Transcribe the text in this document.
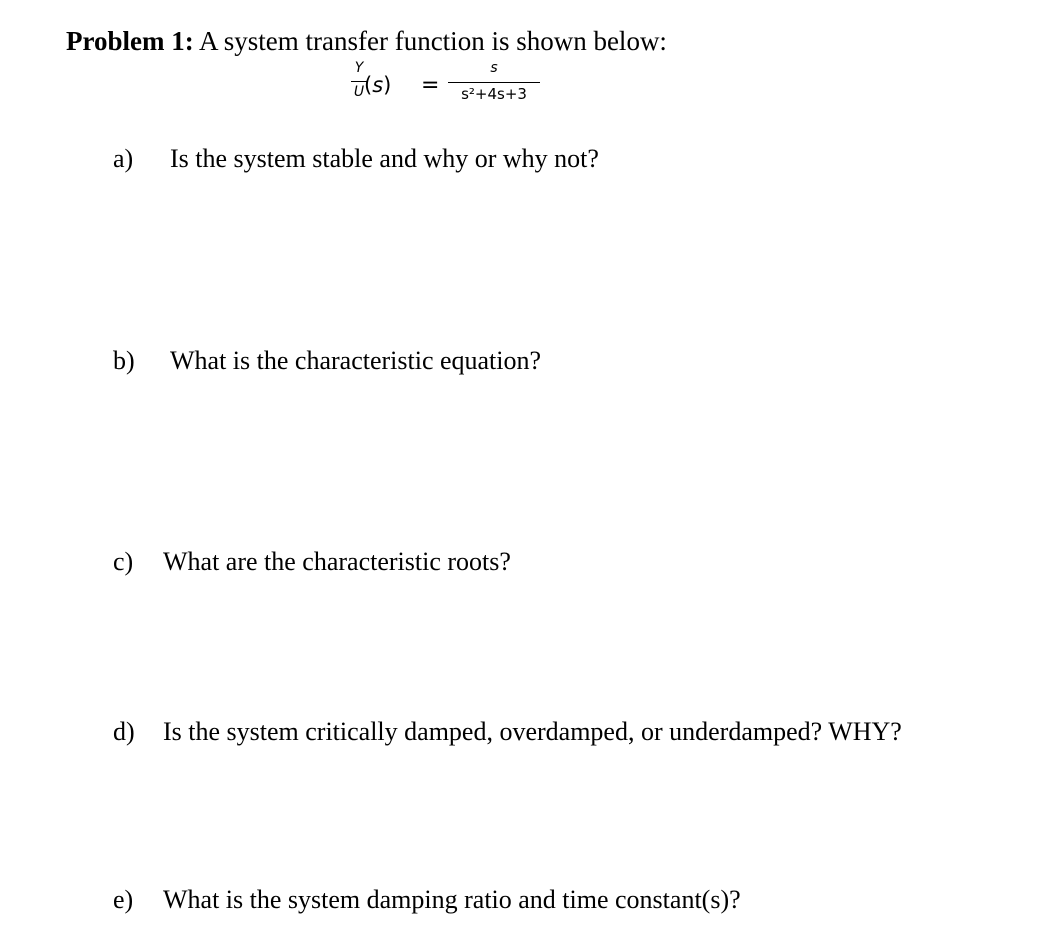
Problem 1: A system transfer function is shown below:
Y
U (s) =
s
s²+4s+3
a) Is the system stable and why or why not?
b) What is the characteristic equation?
c) What are the characteristic roots?
d) Is the system critically damped, overdamped, or underdamped? WHY?
e) What is the system damping ratio and time constant(s)?
